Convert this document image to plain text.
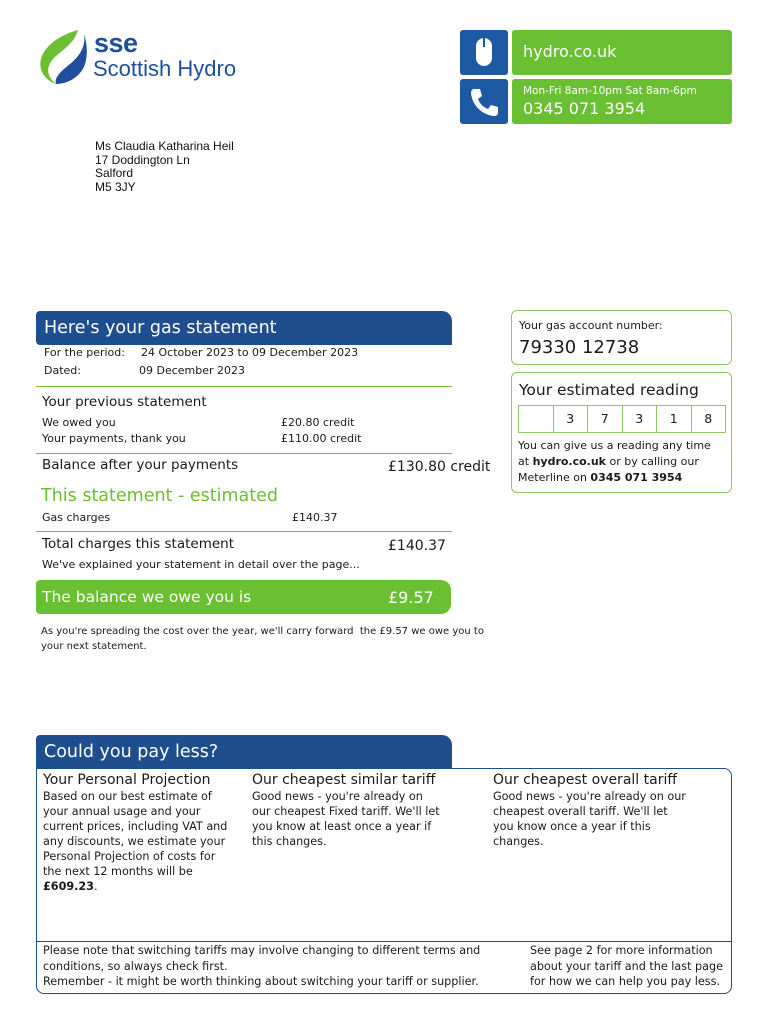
sse
Scottish Hydro
hydro.co.uk
Mon-Fri 8am-10pm Sat 8am-6pm
0345 071 3954
Ms Claudia Katharina Heil
17 Doddington Ln
Salford
M5 3JY
Here's your gas statement
For the period: 24 October 2023 to 09 December 2023
Dated:	09 December 2023
Your previous statement
We owed you	£20.80 credit
Your payments, thank you	£110.00 credit
Balance after your payments	£130.80 credit
This statement - estimated
Gas charges	£140.37
Total charges this statement	£140.37
We've explained your statement in detail over the page...
The balance we owe you is	£9.57
As you're spreading the cost over the year, we'll carry forward  the £9.57 we owe you to
your next statement.
Your gas account number:
79330 12738
Your estimated reading
You can give us a reading any time
at hydro.co.uk or by calling our
Meterline on 0345 071 3954
3	7	3	1	8
Could you pay less?
Your Personal Projection
Based on our best estimate of
your annual usage and your
current prices, including VAT and
any discounts, we estimate your
Personal Projection of costs for
the next 12 months will be
£609.23.
Our cheapest similar tariff
Good news - you're already on
our cheapest Fixed tariff. We'll let
you know at least once a year if
this changes.
Our cheapest overall tariff
Good news - you're already on our
cheapest overall tariff. We'll let
you know once a year if this
changes.
Please note that switching tariffs may involve changing to different terms and
conditions, so always check first.
Remember - it might be worth thinking about switching your tariff or supplier.
See page 2 for more information
about your tariff and the last page
for how we can help you pay less.
